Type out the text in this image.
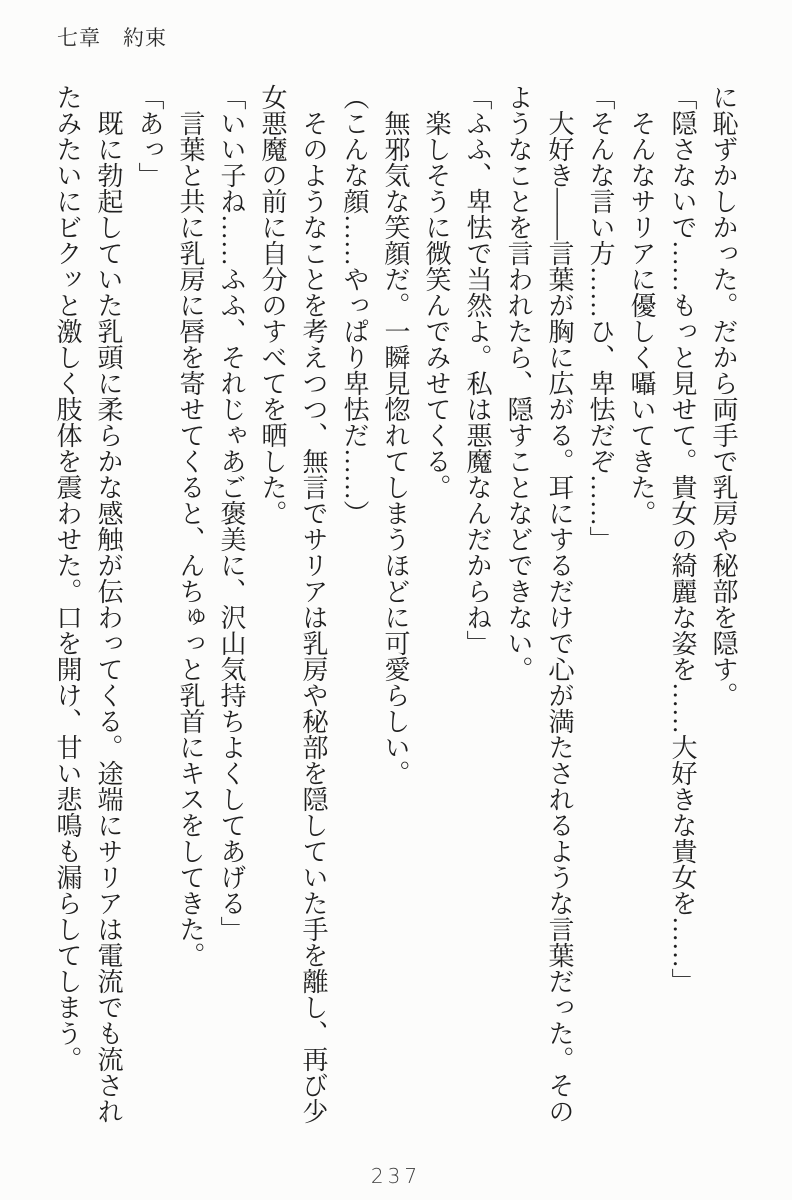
七章　約束

に恥ずかしかった。だから両手で乳房や秘部を隠す。

「隠さないで……もっと見せて。貴女の綺麗な姿を……大好きな貴女を……」

そんなサリアに優しく囁いてきた。

「そんな言い方……ひ、卑怯だぞ……」

大好き――言葉が胸に広がる。耳にするだけで心が満たされるような言葉だった。その

ようなことを言われたら、隠すことなどできない。

「ふふ、卑怯で当然よ。私は悪魔なんだからね」

楽しそうに微笑んでみせてくる。

無邪気な笑顔だ。一瞬見惚れてしまうほどに可愛らしい。

（こんな顔……やっぱり卑怯だ……）

そのようなことを考えつつ、無言でサリアは乳房や秘部を隠していた手を離し、再び少

女悪魔の前に自分のすべてを晒した。

「いい子ね……ふふ、それじゃあご褒美に、沢山気持ちよくしてあげる」

言葉と共に乳房に唇を寄せてくると、んちゅっと乳首にキスをしてきた。

「あっ」

既に勃起していた乳頭に柔らかな感触が伝わってくる。途端にサリアは電流でも流され

たみたいにビクッと激しく肢体を震わせた。口を開け、甘い悲鳴も漏らしてしまう。

237
